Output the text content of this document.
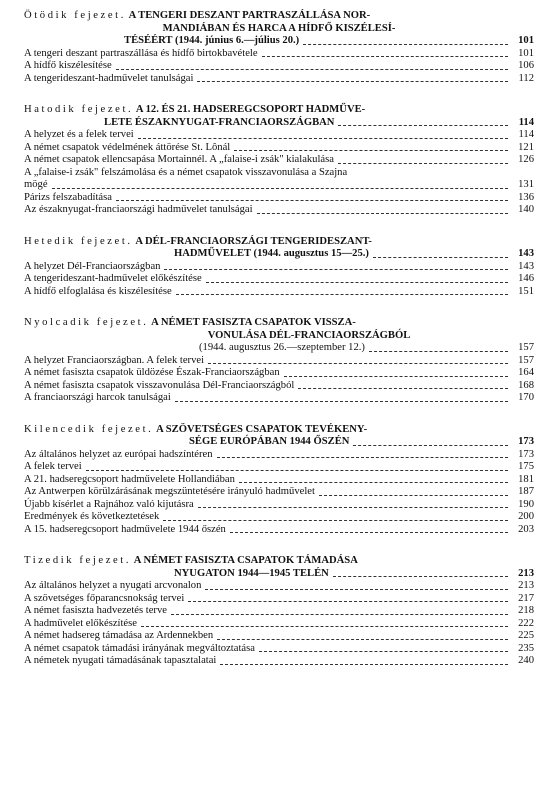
Ötödik fejezet. A TENGERI DESZANT PARTRASZÁLLÁSA NOR-
MANDIÁBAN ÉS HARCA A HÍDFŐ KISZÉLESÍ-
TÉSÉÉRT (1944. június 6.—július 20.)	101
A tengeri deszant partraszállása és hídfő birtokbavétele	101
A hídfő kiszélesítése	106
A tengerideszant-hadművelet tanulságai	112
Hatodik fejezet. A 12. ÉS 21. HADSEREGCSOPORT HADMŰVE-
LETE ÉSZAKNYUGAT-FRANCIAORSZÁGBAN	114
A helyzet és a felek tervei	114
A német csapatok védelmének áttörése St. Lônál	121
A német csapatok ellencsapása Mortainnél. A „falaise-i zsák" kialakulása	126
A „falaise-i zsák" felszámolása és a német csapatok visszavonulása a Szajna
mögé	131
Párizs felszabadítása	136
Az északnyugat-franciaországi hadművelet tanulságai	140
Hetedik fejezet. A DÉL-FRANCIAORSZÁGI TENGERIDESZANT-
HADMŰVELET (1944. augusztus 15—25.)	143
A helyzet Dél-Franciaországban	143
A tengerideszant-hadművelet előkészítése	146
A hídfő elfoglalása és kiszélesítése	151
Nyolcadik fejezet. A NÉMET FASISZTA CSAPATOK VISSZA-
VONULÁSA DÉL-FRANCIAORSZÁGBÓL
(1944. augusztus 26.—szeptember 12.)	157
A helyzet Franciaországban. A felek tervei	157
A német fasiszta csapatok üldözése Észak-Franciaországban	164
A német fasiszta csapatok visszavonulása Dél-Franciaországból	168
A franciaországi harcok tanulságai	170
Kilencedik fejezet. A SZÖVETSÉGES CSAPATOK TEVÉKENY-
SÉGE EURÓPÁBAN 1944 ŐSZÉN	173
Az általános helyzet az európai hadszíntéren	173
A felek tervei	175
A 21. hadseregcsoport hadművelete Hollandiában	181
Az Antwerpen körülzárásának megszüntetésére irányuló hadművelet	187
Újabb kísérlet a Rajnához való kijutásra	190
Eredmények és következtetések	200
A 15. hadseregcsoport hadművelete 1944 őszén	203
Tizedik fejezet. A NÉMET FASISZTA CSAPATOK TÁMADÁSA
NYUGATON 1944—1945 TELÉN	213
Az általános helyzet a nyugati arcvonalon	213
A szövetséges főparancsnokság tervei	217
A német fasiszta hadvezetés terve	218
A hadművelet előkészítése	222
A német hadsereg támadása az Ardennekben	225
A német csapatok támadási irányának megváltoztatása	235
A németek nyugati támadásának tapasztalatai	240
